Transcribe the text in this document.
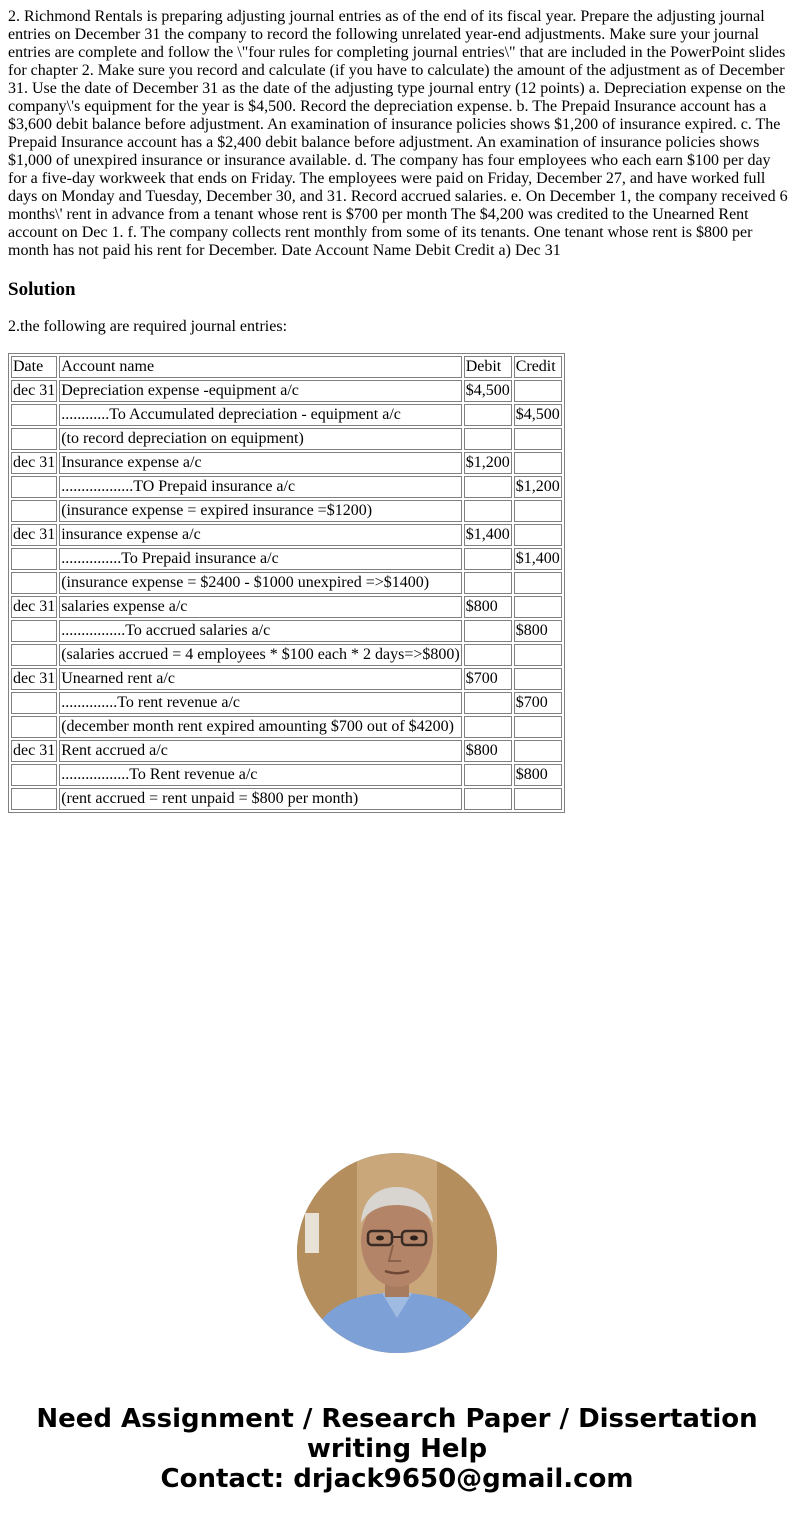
2. Richmond Rentals is preparing adjusting journal entries as of the end of its fiscal year. Prepare the adjusting journal entries on December 31 the company to record the following unrelated year-end adjustments. Make sure your journal entries are complete and follow the \"four rules for completing journal entries\" that are included in the PowerPoint slides for chapter 2. Make sure you record and calculate (if you have to calculate) the amount of the adjustment as of December 31. Use the date of December 31 as the date of the adjusting type journal entry (12 points) a. Depreciation expense on the company\'s equipment for the year is $4,500. Record the depreciation expense. b. The Prepaid Insurance account has a $3,600 debit balance before adjustment. An examination of insurance policies shows $1,200 of insurance expired. c. The Prepaid Insurance account has a $2,400 debit balance before adjustment. An examination of insurance policies shows $1,000 of unexpired insurance or insurance available. d. The company has four employees who each earn $100 per day for a five-day workweek that ends on Friday. The employees were paid on Friday, December 27, and have worked full days on Monday and Tuesday, December 30, and 31. Record accrued salaries. e. On December 1, the company received 6 months\' rent in advance from a tenant whose rent is $700 per month The $4,200 was credited to the Unearned Rent account on Dec 1. f. The company collects rent monthly from some of its tenants. One tenant whose rent is $800 per month has not paid his rent for December. Date Account Name Debit Credit a) Dec 31

Solution

2.the following are required journal entries:

Date	Account name	Debit	Credit
dec 31	Depreciation expense -equipment a/c	$4,500	
	............To Accumulated depreciation - equipment a/c		$4,500
	(to record depreciation on equipment)		
dec 31	Insurance expense a/c	$1,200	
	..................TO Prepaid insurance a/c		$1,200
	(insurance expense = expired insurance =$1200)		
dec 31	insurance expense a/c	$1,400	
	...............To Prepaid insurance a/c		$1,400
	(insurance expense = $2400 - $1000 unexpired =>$1400)		
dec 31	salaries expense a/c	$800	
	................To accrued salaries a/c		$800
	(salaries accrued = 4 employees * $100 each * 2 days=>$800)		
dec 31	Unearned rent a/c	$700	
	..............To rent revenue a/c		$700
	(december month rent expired amounting $700 out of $4200)		
dec 31	Rent accrued a/c	$800	
	.................To Rent revenue a/c		$800
	(rent accrued = rent unpaid = $800 per month)		
Need Assignment / Research Paper / Dissertation
writing Help
Contact: drjack9650@gmail.com
